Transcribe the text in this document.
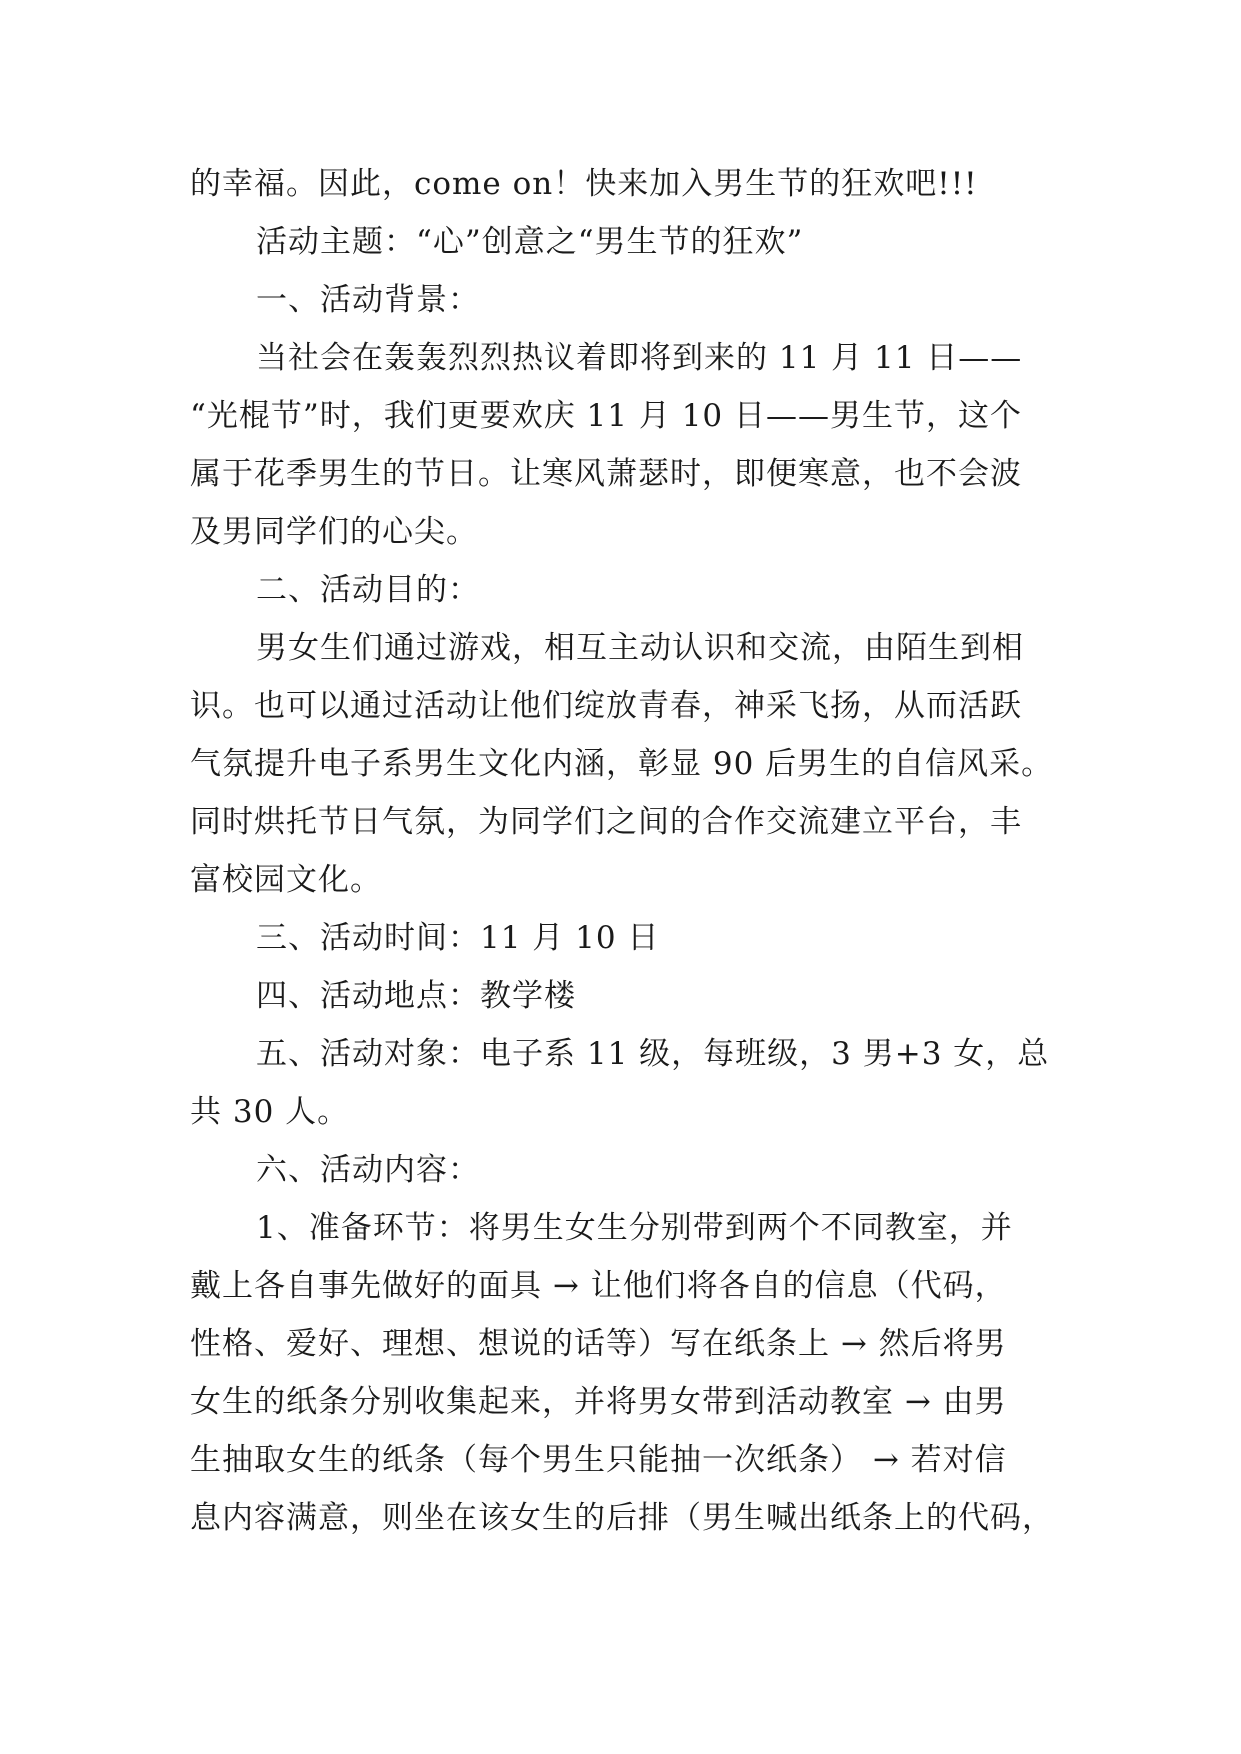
的幸福。因此，come on！快来加入男生节的狂欢吧!!!
活动主题：“心”创意之“男生节的狂欢”
一、活动背景：
当社会在轰轰烈烈热议着即将到来的 11 月 11 日——
“光棍节”时，我们更要欢庆 11 月 10 日——男生节，这个
属于花季男生的节日。让寒风萧瑟时，即便寒意，也不会波
及男同学们的心尖。
二、活动目的：
男女生们通过游戏，相互主动认识和交流，由陌生到相
识。也可以通过活动让他们绽放青春，神采飞扬，从而活跃
气氛提升电子系男生文化内涵，彰显 90 后男生的自信风采。
同时烘托节日气氛，为同学们之间的合作交流建立平台，丰
富校园文化。
三、活动时间：11 月 10 日
四、活动地点：教学楼
五、活动对象：电子系 11 级，每班级，3 男+3 女，总
共 30 人。
六、活动内容：
1、准备环节：将男生女生分别带到两个不同教室，并
戴上各自事先做好的面具 → 让他们将各自的信息（代码，
性格、爱好、理想、想说的话等）写在纸条上 → 然后将男
女生的纸条分别收集起来，并将男女带到活动教室 → 由男
生抽取女生的纸条（每个男生只能抽一次纸条） → 若对信
息内容满意，则坐在该女生的后排（男生喊出纸条上的代码，
